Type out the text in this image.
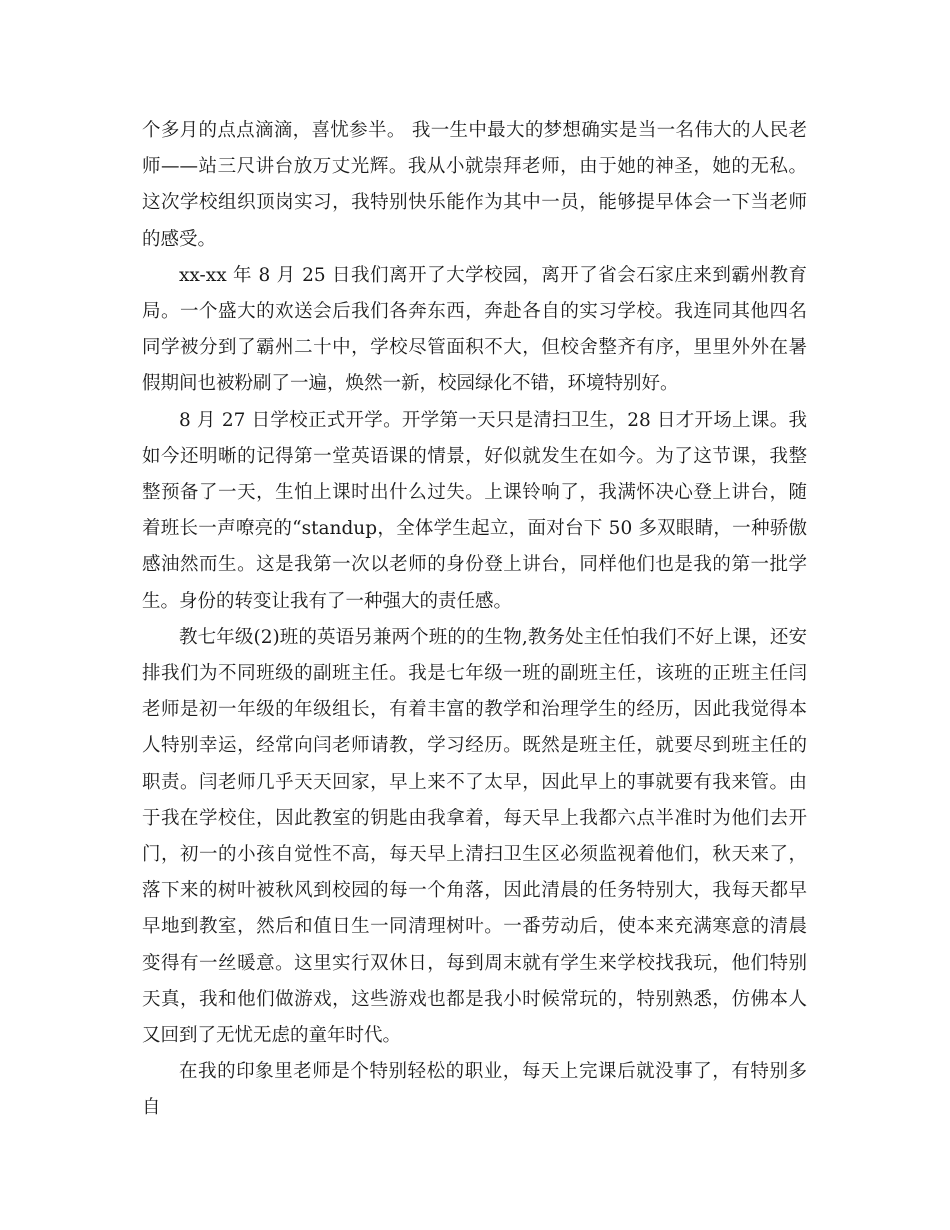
个多月的点点滴滴，喜忧参半。 我一生中最大的梦想确实是当一名伟大的人民老师——站三尺讲台放万丈光辉。我从小就崇拜老师，由于她的神圣，她的无私。这次学校组织顶岗实习，我特别快乐能作为其中一员，能够提早体会一下当老师的感受。

xx-xx 年 8 月 25 日我们离开了大学校园，离开了省会石家庄来到霸州教育局。一个盛大的欢送会后我们各奔东西，奔赴各自的实习学校。我连同其他四名同学被分到了霸州二十中，学校尽管面积不大，但校舍整齐有序，里里外外在暑假期间也被粉刷了一遍，焕然一新，校园绿化不错，环境特别好。

8 月 27 日学校正式开学。开学第一天只是清扫卫生，28 日才开场上课。我如今还明晰的记得第一堂英语课的情景，好似就发生在如今。为了这节课，我整整预备了一天，生怕上课时出什么过失。上课铃响了，我满怀决心登上讲台，随着班长一声嘹亮的“standup，全体学生起立，面对台下 50 多双眼睛，一种骄傲感油然而生。这是我第一次以老师的身份登上讲台，同样他们也是我的第一批学生。身份的转变让我有了一种强大的责任感。

教七年级(2)班的英语另兼两个班的的生物,教务处主任怕我们不好上课，还安排我们为不同班级的副班主任。我是七年级一班的副班主任，该班的正班主任闫老师是初一年级的年级组长，有着丰富的教学和治理学生的经历，因此我觉得本人特别幸运，经常向闫老师请教，学习经历。既然是班主任，就要尽到班主任的职责。闫老师几乎天天回家，早上来不了太早，因此早上的事就要有我来管。由于我在学校住，因此教室的钥匙由我拿着，每天早上我都六点半准时为他们去开门，初一的小孩自觉性不高，每天早上清扫卫生区必须监视着他们，秋天来了，落下来的树叶被秋风到校园的每一个角落，因此清晨的任务特别大，我每天都早早地到教室，然后和值日生一同清理树叶。一番劳动后，使本来充满寒意的清晨变得有一丝暖意。这里实行双休日，每到周末就有学生来学校找我玩，他们特别天真，我和他们做游戏，这些游戏也都是我小时候常玩的，特别熟悉，仿佛本人又回到了无忧无虑的童年时代。

在我的印象里老师是个特别轻松的职业，每天上完课后就没事了，有特别多自
